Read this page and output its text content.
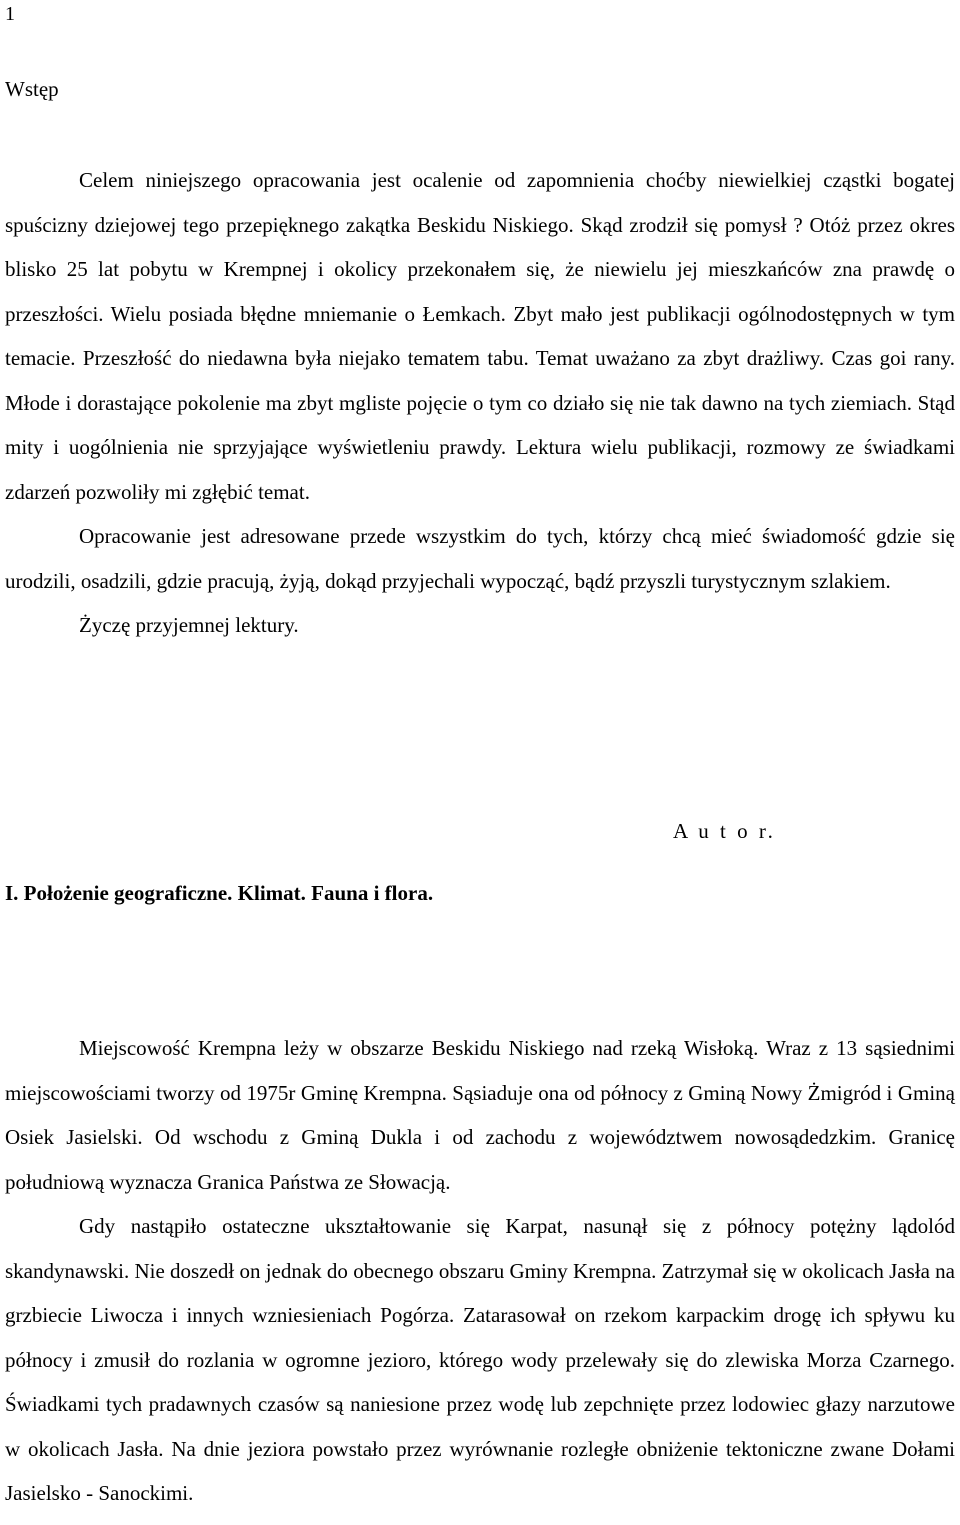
1
Wstęp

Celem niniejszego opracowania jest ocalenie od zapomnienia choćby niewielkiej cząstki bogatej spuścizny dziejowej tego przepięknego zakątka Beskidu Niskiego. Skąd zrodził się pomysł ? Otóż przez okres blisko 25 lat pobytu w Krempnej i okolicy przekonałem się, że niewielu jej mieszkańców zna prawdę o przeszłości. Wielu posiada błędne mniemanie o Łemkach. Zbyt mało jest publikacji ogólnodostępnych w tym temacie. Przeszłość do niedawna była niejako tematem tabu. Temat uważano za zbyt drażliwy. Czas goi rany. Młode i dorastające pokolenie ma zbyt mgliste pojęcie o tym co działo się nie tak dawno na tych ziemiach. Stąd mity i uogólnienia nie sprzyjające wyświetleniu prawdy. Lektura wielu publikacji, rozmowy ze świadkami zdarzeń pozwoliły mi zgłębić temat.

Opracowanie jest adresowane przede wszystkim do tych, którzy chcą mieć świadomość gdzie się urodzili, osadzili, gdzie pracują, żyją, dokąd przyjechali wypocząć, bądź przyszli turystycznym szlakiem.

Życzę przyjemnej lektury.

A u t o r.
I. Położenie geograficzne. Klimat. Fauna i flora.

Miejscowość Krempna leży w obszarze Beskidu Niskiego nad rzeką Wisłoką. Wraz z 13 sąsiednimi miejscowościami tworzy od 1975r Gminę Krempna. Sąsiaduje ona od północy z Gminą Nowy Żmigród i Gminą Osiek Jasielski. Od wschodu z Gminą Dukla i od zachodu z województwem nowosądedzkim. Granicę południową wyznacza Granica Państwa ze Słowacją.

Gdy nastąpiło ostateczne ukształtowanie się Karpat, nasunął się z północy potężny lądolód skandynawski. Nie doszedł on jednak do obecnego obszaru Gminy Krempna. Zatrzymał się w okolicach Jasła na grzbiecie Liwocza i innych wzniesieniach Pogórza. Zatarasował on rzekom karpackim drogę ich spływu ku północy i zmusił do rozlania w ogromne jezioro, którego wody przelewały się do zlewiska Morza Czarnego. Świadkami tych pradawnych czasów są naniesione przez wodę lub zepchnięte przez lodowiec głazy narzutowe w okolicach Jasła. Na dnie jeziora powstało przez wyrównanie rozległe obniżenie tektoniczne zwane Dołami Jasielsko - Sanockimi.
